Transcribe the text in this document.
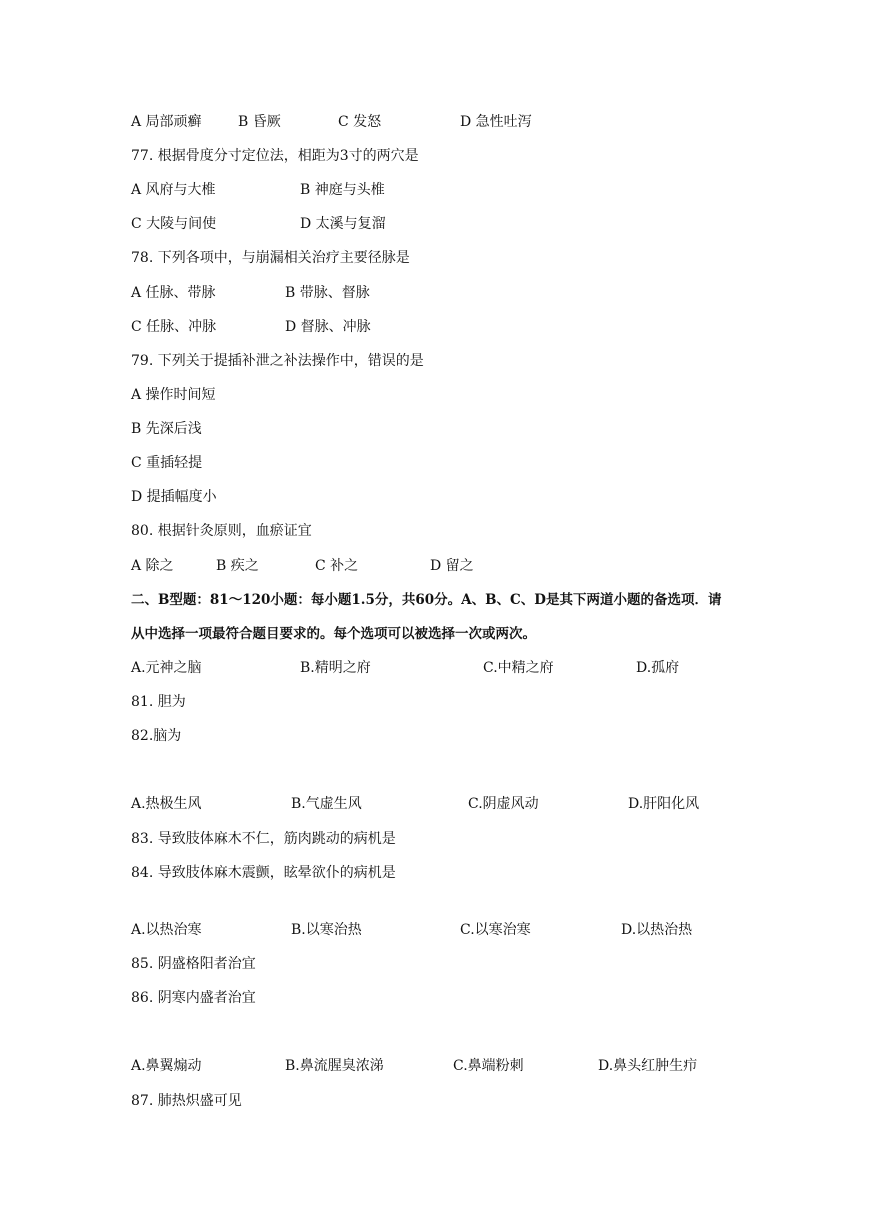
A 局部顽癣	B 昏厥	C 发怒	D 急性吐泻
77. 根据骨度分寸定位法，相距为3寸的两穴是
A 风府与大椎	B 神庭与头椎
C 大陵与间使	D 太溪与复溜
78. 下列各项中，与崩漏相关治疗主要径脉是
A 任脉、带脉	B 带脉、督脉
C 任脉、冲脉	D 督脉、冲脉
79. 下列关于提插补泄之补法操作中，错误的是
A 操作时间短
B 先深后浅
C 重插轻提
D 提插幅度小
80. 根据针灸原则，血瘀证宜
A 除之	B 疾之	C 补之	D 留之
二、B型题：81～120小题：每小题1.5分，共60分。A、B、C、D是其下两道小题的备选项．请
从中选择一项最符合题目要求的。每个选项可以被选择一次或两次。
A.元神之脑	B.精明之府	C.中精之府	D.孤府
81. 胆为
82.脑为
A.热极生风	B.气虚生风	C.阴虚风动	D.肝阳化风
83. 导致肢体麻木不仁，筋肉跳动的病机是
84. 导致肢体麻木震颤，眩晕欲仆的病机是
A.以热治寒	B.以寒治热	C.以寒治寒	D.以热治热
85. 阴盛格阳者治宜
86. 阴寒内盛者治宜
A.鼻翼煽动	B.鼻流腥臭浓涕	C.鼻端粉刺	D.鼻头红肿生疖
87. 肺热炽盛可见
